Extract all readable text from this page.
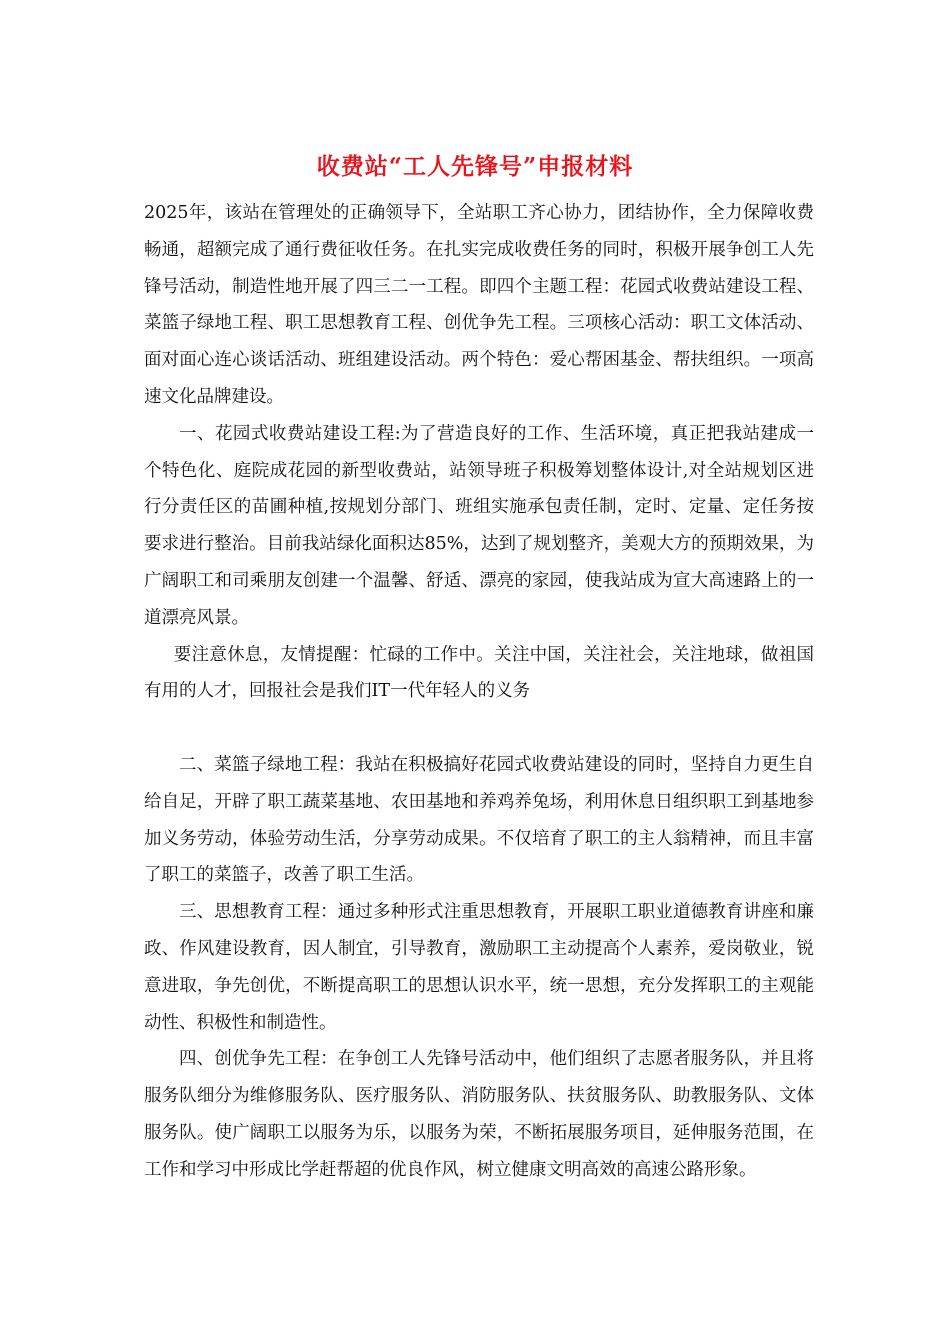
收费站“工人先锋号”申报材料

2025年，该站在管理处的正确领导下，全站职工齐心协力，团结协作，全力保障收费畅通，超额完成了通行费征收任务。在扎实完成收费任务的同时，积极开展争创工人先锋号活动，制造性地开展了四三二一工程。即四个主题工程：花园式收费站建设工程、菜篮子绿地工程、职工思想教育工程、创优争先工程。三项核心活动：职工文体活动、面对面心连心谈话活动、班组建设活动。两个特色：爱心帮困基金、帮扶组织。一项高速文化品牌建设。

一、花园式收费站建设工程:为了营造良好的工作、生活环境，真正把我站建成一个特色化、庭院成花园的新型收费站，站领导班子积极筹划整体设计,对全站规划区进行分责任区的苗圃种植,按规划分部门、班组实施承包责任制，定时、定量、定任务按要求进行整治。目前我站绿化面积达85%，达到了规划整齐，美观大方的预期效果，为广阔职工和司乘朋友创建一个温馨、舒适、漂亮的家园，使我站成为宣大高速路上的一道漂亮风景。

要注意休息，友情提醒：忙碌的工作中。关注中国，关注社会，关注地球，做祖国有用的人才，回报社会是我们IT一代年轻人的义务

二、菜篮子绿地工程：我站在积极搞好花园式收费站建设的同时，坚持自力更生自给自足，开辟了职工蔬菜基地、农田基地和养鸡养兔场，利用休息日组织职工到基地参加义务劳动，体验劳动生活，分享劳动成果。不仅培育了职工的主人翁精神，而且丰富了职工的菜篮子，改善了职工生活。

三、思想教育工程：通过多种形式注重思想教育，开展职工职业道德教育讲座和廉政、作风建设教育，因人制宜，引导教育，激励职工主动提高个人素养，爱岗敬业，锐意进取，争先创优，不断提高职工的思想认识水平，统一思想，充分发挥职工的主观能动性、积极性和制造性。

四、创优争先工程：在争创工人先锋号活动中，他们组织了志愿者服务队，并且将服务队细分为维修服务队、医疗服务队、消防服务队、扶贫服务队、助教服务队、文体服务队。使广阔职工以服务为乐，以服务为荣，不断拓展服务项目，延伸服务范围，在工作和学习中形成比学赶帮超的优良作风，树立健康文明高效的高速公路形象。
